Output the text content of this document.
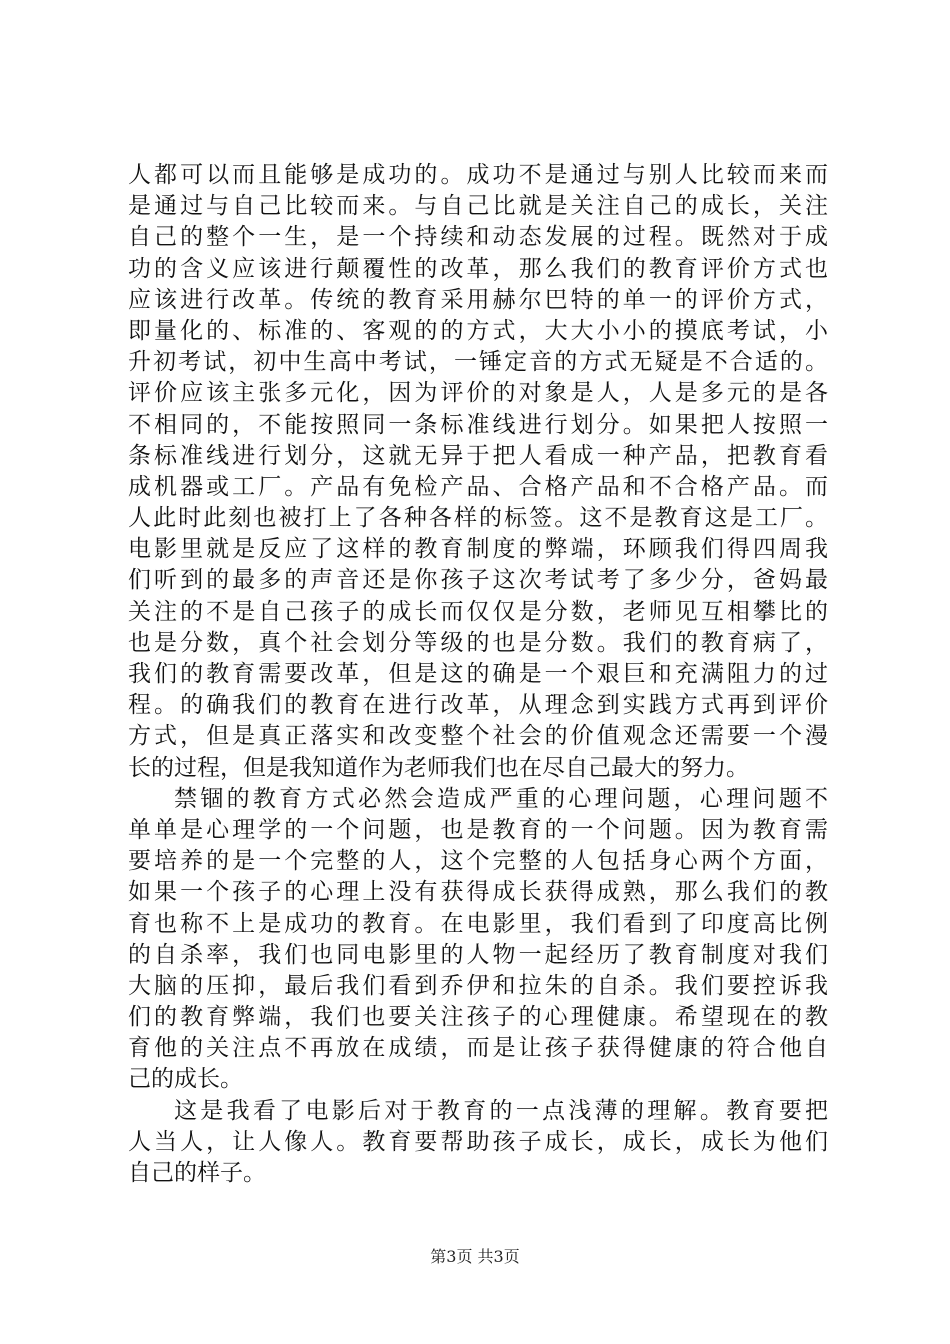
人都可以而且能够是成功的。成功不是通过与别人比较而来而
是通过与自己比较而来。与自己比就是关注自己的成长，关注
自己的整个一生，是一个持续和动态发展的过程。既然对于成
功的含义应该进行颠覆性的改革，那么我们的教育评价方式也
应该进行改革。传统的教育采用赫尔巴特的单一的评价方式，
即量化的、标准的、客观的的方式，大大小小的摸底考试，小
升初考试，初中生高中考试，一锤定音的方式无疑是不合适的。
评价应该主张多元化，因为评价的对象是人，人是多元的是各
不相同的，不能按照同一条标准线进行划分。如果把人按照一
条标准线进行划分，这就无异于把人看成一种产品，把教育看
成机器或工厂。产品有免检产品、合格产品和不合格产品。而
人此时此刻也被打上了各种各样的标签。这不是教育这是工厂。
电影里就是反应了这样的教育制度的弊端，环顾我们得四周我
们听到的最多的声音还是你孩子这次考试考了多少分，爸妈最
关注的不是自己孩子的成长而仅仅是分数，老师见互相攀比的
也是分数，真个社会划分等级的也是分数。我们的教育病了，
我们的教育需要改革，但是这的确是一个艰巨和充满阻力的过
程。的确我们的教育在进行改革，从理念到实践方式再到评价
方式，但是真正落实和改变整个社会的价值观念还需要一个漫
长的过程，但是我知道作为老师我们也在尽自己最大的努力。
禁锢的教育方式必然会造成严重的心理问题，心理问题不
单单是心理学的一个问题，也是教育的一个问题。因为教育需
要培养的是一个完整的人，这个完整的人包括身心两个方面，
如果一个孩子的心理上没有获得成长获得成熟，那么我们的教
育也称不上是成功的教育。在电影里，我们看到了印度高比例
的自杀率，我们也同电影里的人物一起经历了教育制度对我们
大脑的压抑，最后我们看到乔伊和拉朱的自杀。我们要控诉我
们的教育弊端，我们也要关注孩子的心理健康。希望现在的教
育他的关注点不再放在成绩，而是让孩子获得健康的符合他自
己的成长。
这是我看了电影后对于教育的一点浅薄的理解。教育要把
人当人，让人像人。教育要帮助孩子成长，成长，成长为他们
自己的样子。
第3页 共3页
